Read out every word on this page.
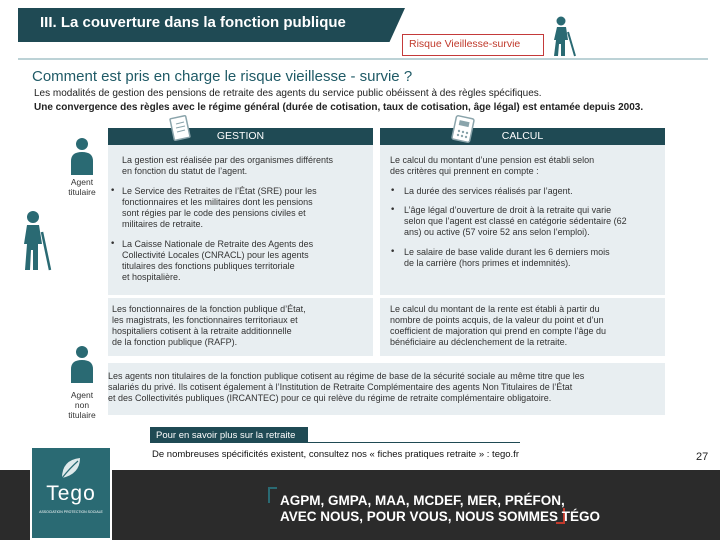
III. La couverture dans la fonction publique
Risque Vieillesse-survie
Comment est pris en charge le risque vieillesse - survie ?
Les modalités de gestion des pensions de retraite des agents du service public obéissent à des règles spécifiques.
Une convergence des règles avec le régime général (durée de cotisation, taux de cotisation, âge légal) est entamée depuis 2003.
GESTION	CALCUL
Agent
titulaire
Agent
non
titulaire
La gestion est réalisée par des organismes différents
en fonction du statut de l’agent.
• Le Service des Retraites de l’État (SRE) pour les
fonctionnaires et les militaires dont les pensions
sont régies par le code des pensions civiles et
militaires de retraite.
• La Caisse Nationale de Retraite des Agents des
Collectivité Locales (CNRACL) pour les agents
titulaires des fonctions publiques territoriale
et hospitalière.
Les fonctionnaires de la fonction publique d’État,
les magistrats, les fonctionnaires territoriaux et
hospitaliers cotisent à la retraite additionnelle
de la fonction publique (RAFP).
Le calcul du montant d’une pension est établi selon
des critères qui prennent en compte :
• La durée des services réalisés par l’agent.
• L’âge légal d’ouverture de droit à la retraite qui varie
selon que l’agent est classé en catégorie sédentaire (62
ans) ou active (57 voire 52 ans selon l’emploi).
• Le salaire de base valide durant les 6 derniers mois
de la carrière (hors primes et indemnités).
Le calcul du montant de la rente est établi à partir du
nombre de points acquis, de la valeur du point et d’un
coefficient de majoration qui prend en compte l’âge du
bénéficiaire au déclenchement de la retraite.
Les agents non titulaires de la fonction publique cotisent au régime de base de la sécurité sociale au même titre que les
salariés du privé. Ils cotisent également à l’Institution de Retraite Complémentaire des agents Non Titulaires de l’État
et des Collectivités publiques (IRCANTEC) pour ce qui relève du régime de retraite complémentaire obligatoire.
Pour en savoir plus sur la retraite
De nombreuses spécificités existent, consultez nos « fiches pratiques retraite » : tego.fr	27
Tego
ASSOCIATION PROTECTION SOCIALE
AGPM, GMPA, MAA, MCDEF, MER, PRÉFON,
AVEC NOUS, POUR VOUS, NOUS SOMMES TÉGO
